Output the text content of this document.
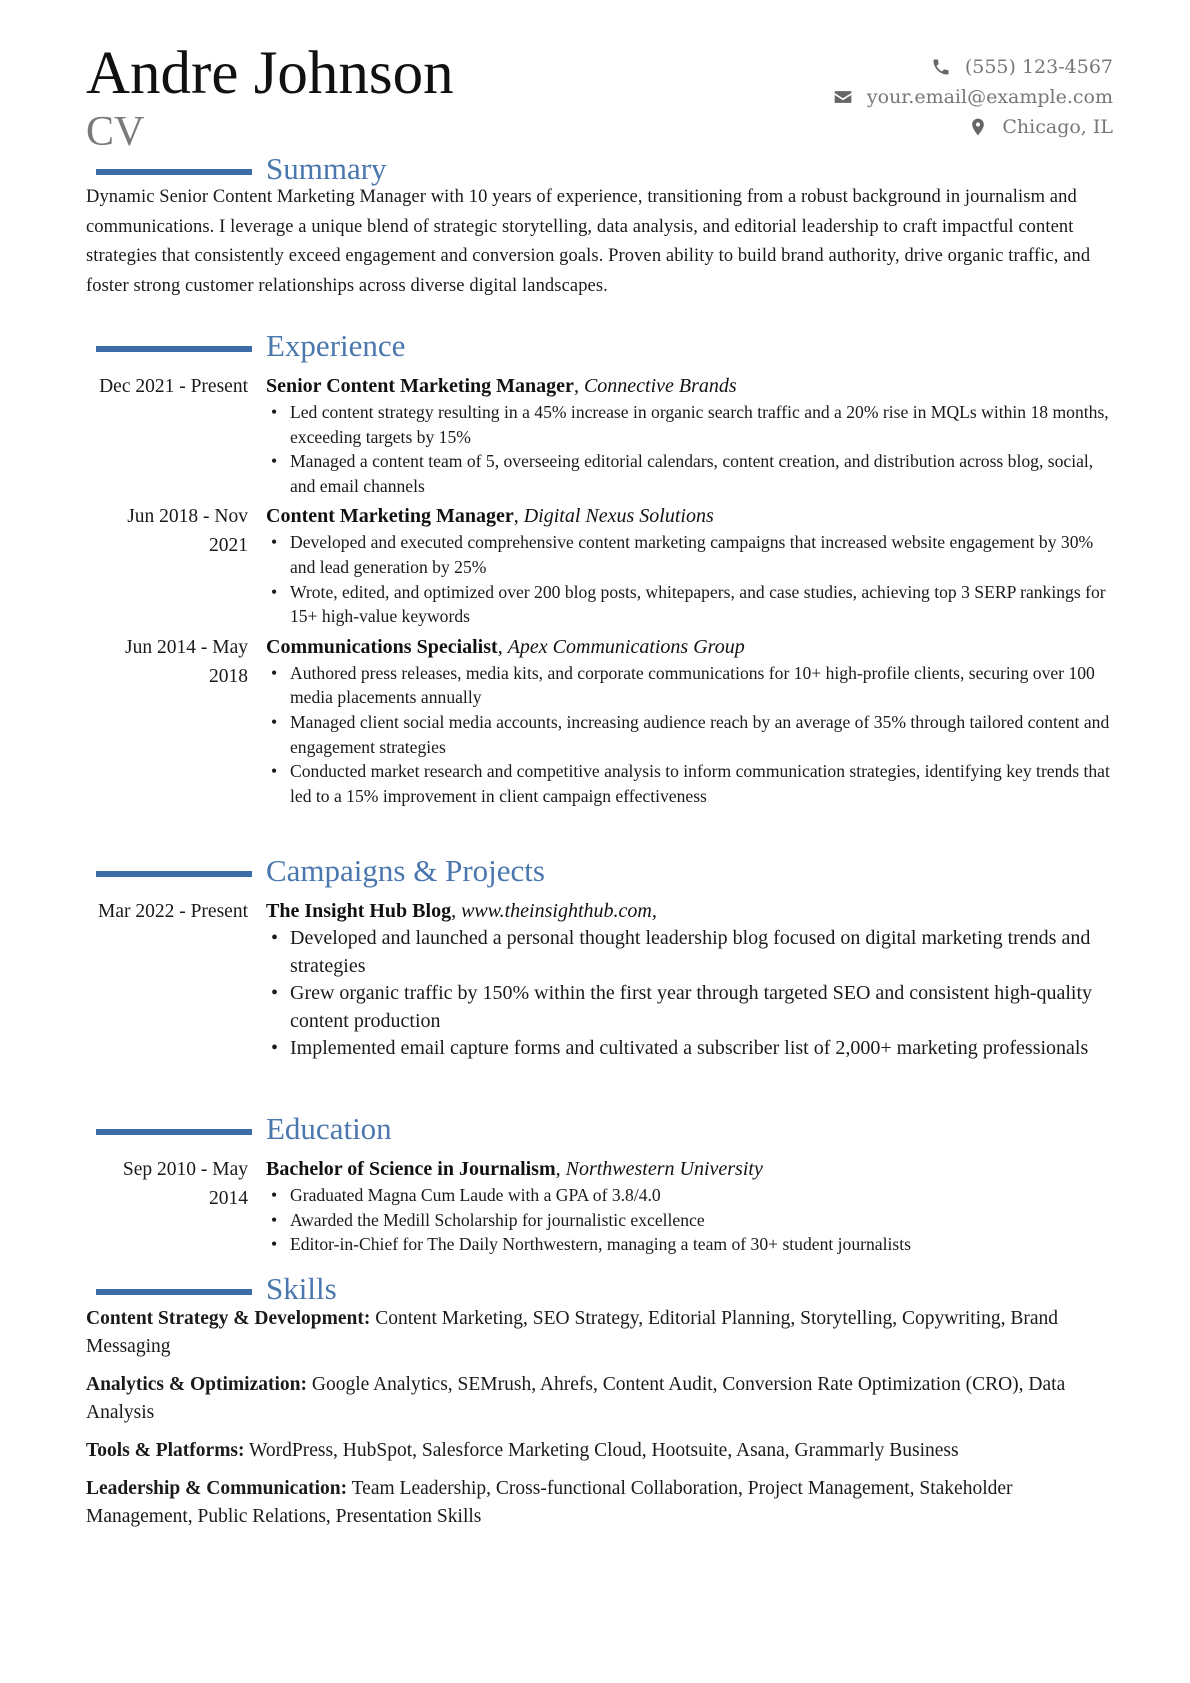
Andre Johnson
CV
(555) 123-4567
your.email@example.com
Chicago, IL
Summary

Dynamic Senior Content Marketing Manager with 10 years of experience, transitioning from a robust background in journalism and communications. I leverage a unique blend of strategic storytelling, data analysis, and editorial leadership to craft impactful content strategies that consistently exceed engagement and conversion goals. Proven ability to build brand authority, drive organic traffic, and foster strong customer relationships across diverse digital landscapes.

Experience
Dec 2021 - Present Senior Content Marketing Manager, Connective Brands
• Led content strategy resulting in a 45% increase in organic search traffic and a 20% rise in MQLs within 18 months, exceeding targets by 15%
• Managed a content team of 5, overseeing editorial calendars, content creation, and distribution across blog, social, and email channels
Jun 2018 - Nov 2021
Content Marketing Manager, Digital Nexus Solutions
• Developed and executed comprehensive content marketing campaigns that increased website engagement by 30% and lead generation by 25%
• Wrote, edited, and optimized over 200 blog posts, whitepapers, and case studies, achieving top 3 SERP rankings for 15+ high-value keywords
Jun 2014 - May 2018
Communications Specialist, Apex Communications Group
• Authored press releases, media kits, and corporate communications for 10+ high-profile clients, securing over 100 media placements annually
• Managed client social media accounts, increasing audience reach by an average of 35% through tailored content and engagement strategies
• Conducted market research and competitive analysis to inform communication strategies, identifying key trends that led to a 15% improvement in client campaign effectiveness
Campaigns & Projects
Mar 2022 - Present The Insight Hub Blog, www.theinsighthub.com,
• Developed and launched a personal thought leadership blog focused on digital marketing trends and strategies
• Grew organic traffic by 150% within the first year through targeted SEO and consistent high-quality content production
• Implemented email capture forms and cultivated a subscriber list of 2,000+ marketing professionals
Education
Sep 2010 - May 2014
Bachelor of Science in Journalism, Northwestern University
• Graduated Magna Cum Laude with a GPA of 3.8/4.0
• Awarded the Medill Scholarship for journalistic excellence
• Editor-in-Chief for The Daily Northwestern, managing a team of 30+ student journalists
Skills

Content Strategy & Development: Content Marketing, SEO Strategy, Editorial Planning, Storytelling, Copywriting, Brand Messaging

Analytics & Optimization: Google Analytics, SEMrush, Ahrefs, Content Audit, Conversion Rate Optimization (CRO), Data Analysis

Tools & Platforms: WordPress, HubSpot, Salesforce Marketing Cloud, Hootsuite, Asana, Grammarly Business

Leadership & Communication: Team Leadership, Cross-functional Collaboration, Project Management, Stakeholder Management, Public Relations, Presentation Skills
